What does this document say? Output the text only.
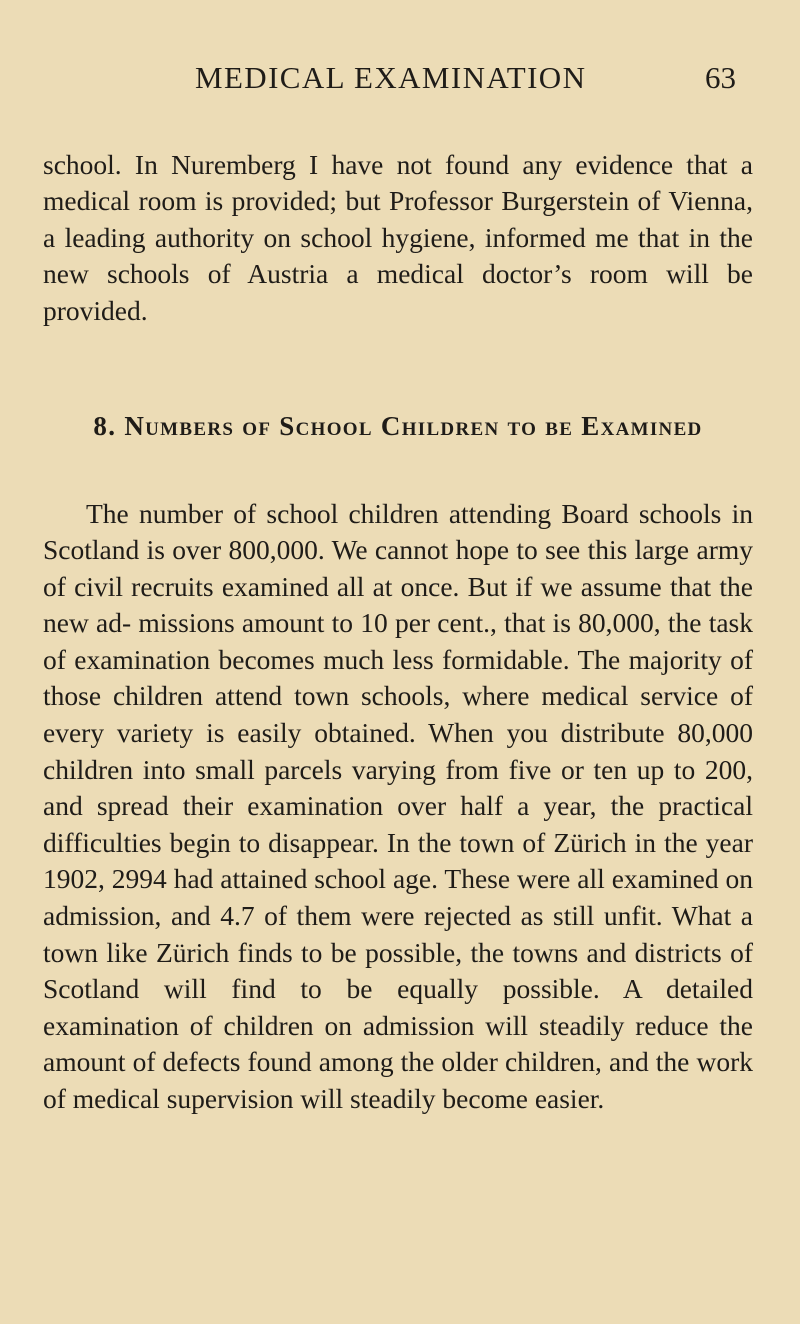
MEDICAL EXAMINATION	63

school. In Nuremberg I have not found any evidence that a medical room is provided; but Professor Burgerstein of Vienna, a leading authority on school hygiene, informed me that in the new schools of Austria a medical doctor’s room will be provided.

8. Numbers of School Children to be Examined

The number of school children attending Board schools in Scotland is over 800,000. We cannot hope to see this large army of civil recruits examined all at once. But if we assume that the new ad- missions amount to 10 per cent., that is 80,000, the task of examination becomes much less formidable. The majority of those children attend town schools, where medical service of every variety is easily obtained. When you distribute 80,000 children into small parcels varying from five or ten up to 200, and spread their examination over half a year, the practical difficulties begin to disappear. In the town of Zürich in the year 1902, 2994 had attained school age. These were all examined on admission, and 4.7 of them were rejected as still unfit. What a town like Zürich finds to be possible, the towns and districts of Scotland will find to be equally possible. A detailed examination of children on admission will steadily reduce the amount of defects found among the older children, and the work of medical supervision will steadily become easier.
